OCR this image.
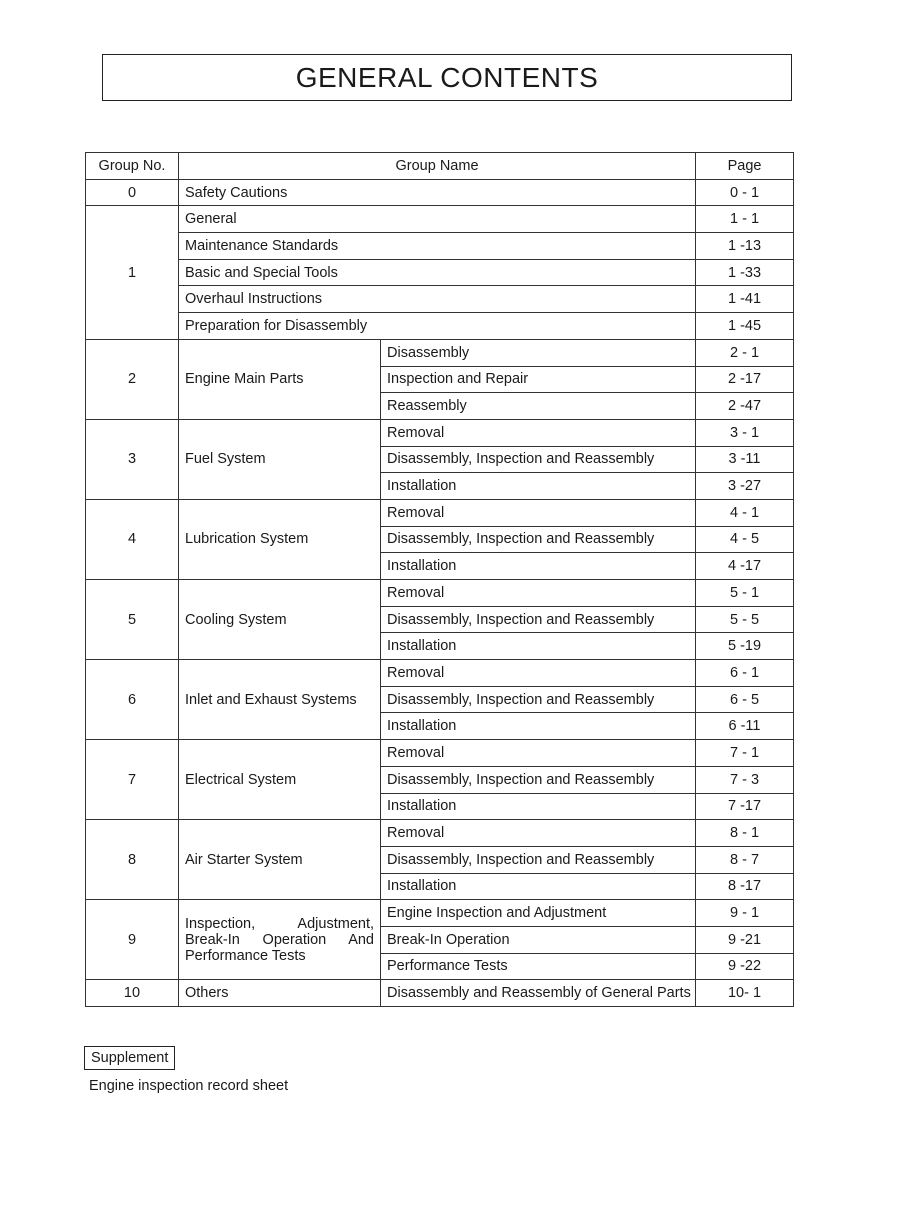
GENERAL CONTENTS
Group No.	Group Name		Page
0	Safety Cautions		0 - 1
1	General		1 - 1
	Maintenance Standards		1 -13
	Basic and Special Tools		1 -33
	Overhaul Instructions		1 -41
	Preparation for Disassembly		1 -45
2	Engine Main Parts	Disassembly	2 - 1
		Inspection and Repair	2 -17
		Reassembly	2 -47
3	Fuel System	Removal	3 - 1
		Disassembly, Inspection and Reassembly	3 -11
		Installation	3 -27
4	Lubrication System	Removal	4 - 1
		Disassembly, Inspection and Reassembly	4 - 5
		Installation	4 -17
5	Cooling System	Removal	5 - 1
		Disassembly, Inspection and Reassembly	5 - 5
		Installation	5 -19
6	Inlet and Exhaust Systems	Removal	6 - 1
		Disassembly, Inspection and Reassembly	6 - 5
		Installation	6 -11
7	Electrical System	Removal	7 - 1
		Disassembly, Inspection and Reassembly	7 - 3
		Installation	7 -17
8	Air Starter System	Removal	8 - 1
		Disassembly, Inspection and Reassembly	8 - 7
		Installation	8 -17
9	Inspection, Adjustment,
Break-In Operation And
Performance Tests	Engine Inspection and Adjustment	9 - 1
		Break-In Operation	9 -21
		Performance Tests	9 -22
10	Others	Disassembly and Reassembly of General Parts	10- 1
Supplement
Engine inspection record sheet
